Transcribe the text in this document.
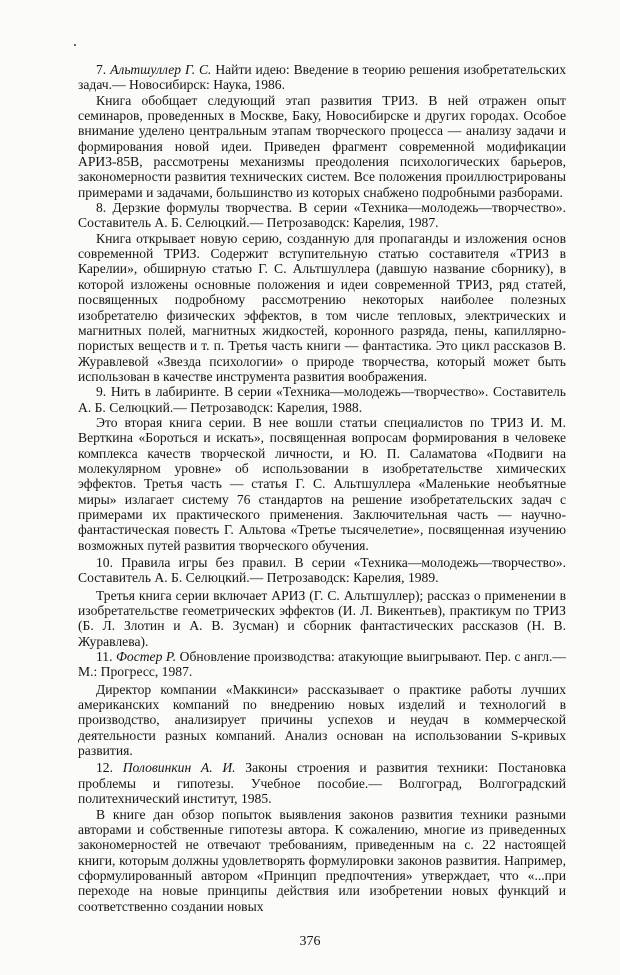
7. Альтшуллер Г. С. Найти идею: Введение в теорию решения изобретательских задач.— Новосибирск: Наука, 1986.

Книга обобщает следующий этап развития ТРИЗ. В ней отражен опыт семинаров, проведенных в Москве, Баку, Новосибирске и других городах. Особое внимание уделено центральным этапам творческого процесса — анализу задачи и формирования новой идеи. Приведен фрагмент современной модификации АРИЗ-85В, рассмотрены механизмы преодоления психологических барьеров, закономерности развития технических систем. Все положения проиллюстрированы примерами и задачами, большинство из которых снабжено подробными разборами.

8. Дерзкие формулы творчества. В серии «Техника—молодежь—творчество». Составитель А. Б. Селюцкий.— Петрозаводск: Карелия, 1987.

Книга открывает новую серию, созданную для пропаганды и изложения основ современной ТРИЗ. Содержит вступительную статью составителя «ТРИЗ в Карелии», обширную статью Г. С. Альтшуллера (давшую название сборнику), в которой изложены основные положения и идеи современной ТРИЗ, ряд статей, посвященных подробному рассмотрению некоторых наиболее полезных изобретателю физических эффектов, в том числе тепловых, электрических и магнитных полей, магнитных жидкостей, коронного разряда, пены, капиллярно-пористых веществ и т. п. Третья часть книги — фантастика. Это цикл рассказов В. Журавлевой «Звезда психологии» о природе творчества, который может быть использован в качестве инструмента развития воображения.

9. Нить в лабиринте. В серии «Техника—молодежь—творчество». Составитель А. Б. Селюцкий.— Петрозаводск: Карелия, 1988.

Это вторая книга серии. В нее вошли статьи специалистов по ТРИЗ И. М. Верткина «Бороться и искать», посвященная вопросам формирования в человеке комплекса качеств творческой личности, и Ю. П. Саламатова «Подвиги на молекулярном уровне» об использовании в изобретательстве химических эффектов. Третья часть — статья Г. С. Альтшуллера «Маленькие необъятные миры» излагает систему 76 стандартов на решение изобретательских задач с примерами их практического применения. Заключительная часть — научно-фантастическая повесть Г. Альтова «Третье тысячелетие», посвященная изучению возможных путей развития творческого обучения.

10. Правила игры без правил. В серии «Техника—молодежь—творчество». Составитель А. Б. Селюцкий.— Петрозаводск: Карелия, 1989.

Третья книга серии включает АРИЗ (Г. С. Альтшуллер); рассказ о применении в изобретательстве геометрических эффектов (И. Л. Викентьев), практикум по ТРИЗ (Б. Л. Злотин и А. В. Зусман) и сборник фантастических рассказов (Н. В. Журавлева).

11. Фостер Р. Обновление производства: атакующие выигрывают. Пер. с англ.— М.: Прогресс, 1987.

Директор компании «Маккинси» рассказывает о практике работы лучших американских компаний по внедрению новых изделий и технологий в производство, анализирует причины успехов и неудач в коммерческой деятельности разных компаний. Анализ основан на использовании S-кривых развития.

12. Половинкин А. И. Законы строения и развития техники: Постановка проблемы и гипотезы. Учебное пособие.— Волгоград, Волгоградский политехнический институт, 1985.

В книге дан обзор попыток выявления законов развития техники разными авторами и собственные гипотезы автора. К сожалению, многие из приведенных закономерностей не отвечают требованиям, приведенным на с. 22 настоящей книги, которым должны удовлетворять формулировки законов развития. Например, сформулированный автором «Принцип предпочтения» утверждает, что «...при переходе на новые принципы действия или изобретении новых функций и соответственно создании новых

376
